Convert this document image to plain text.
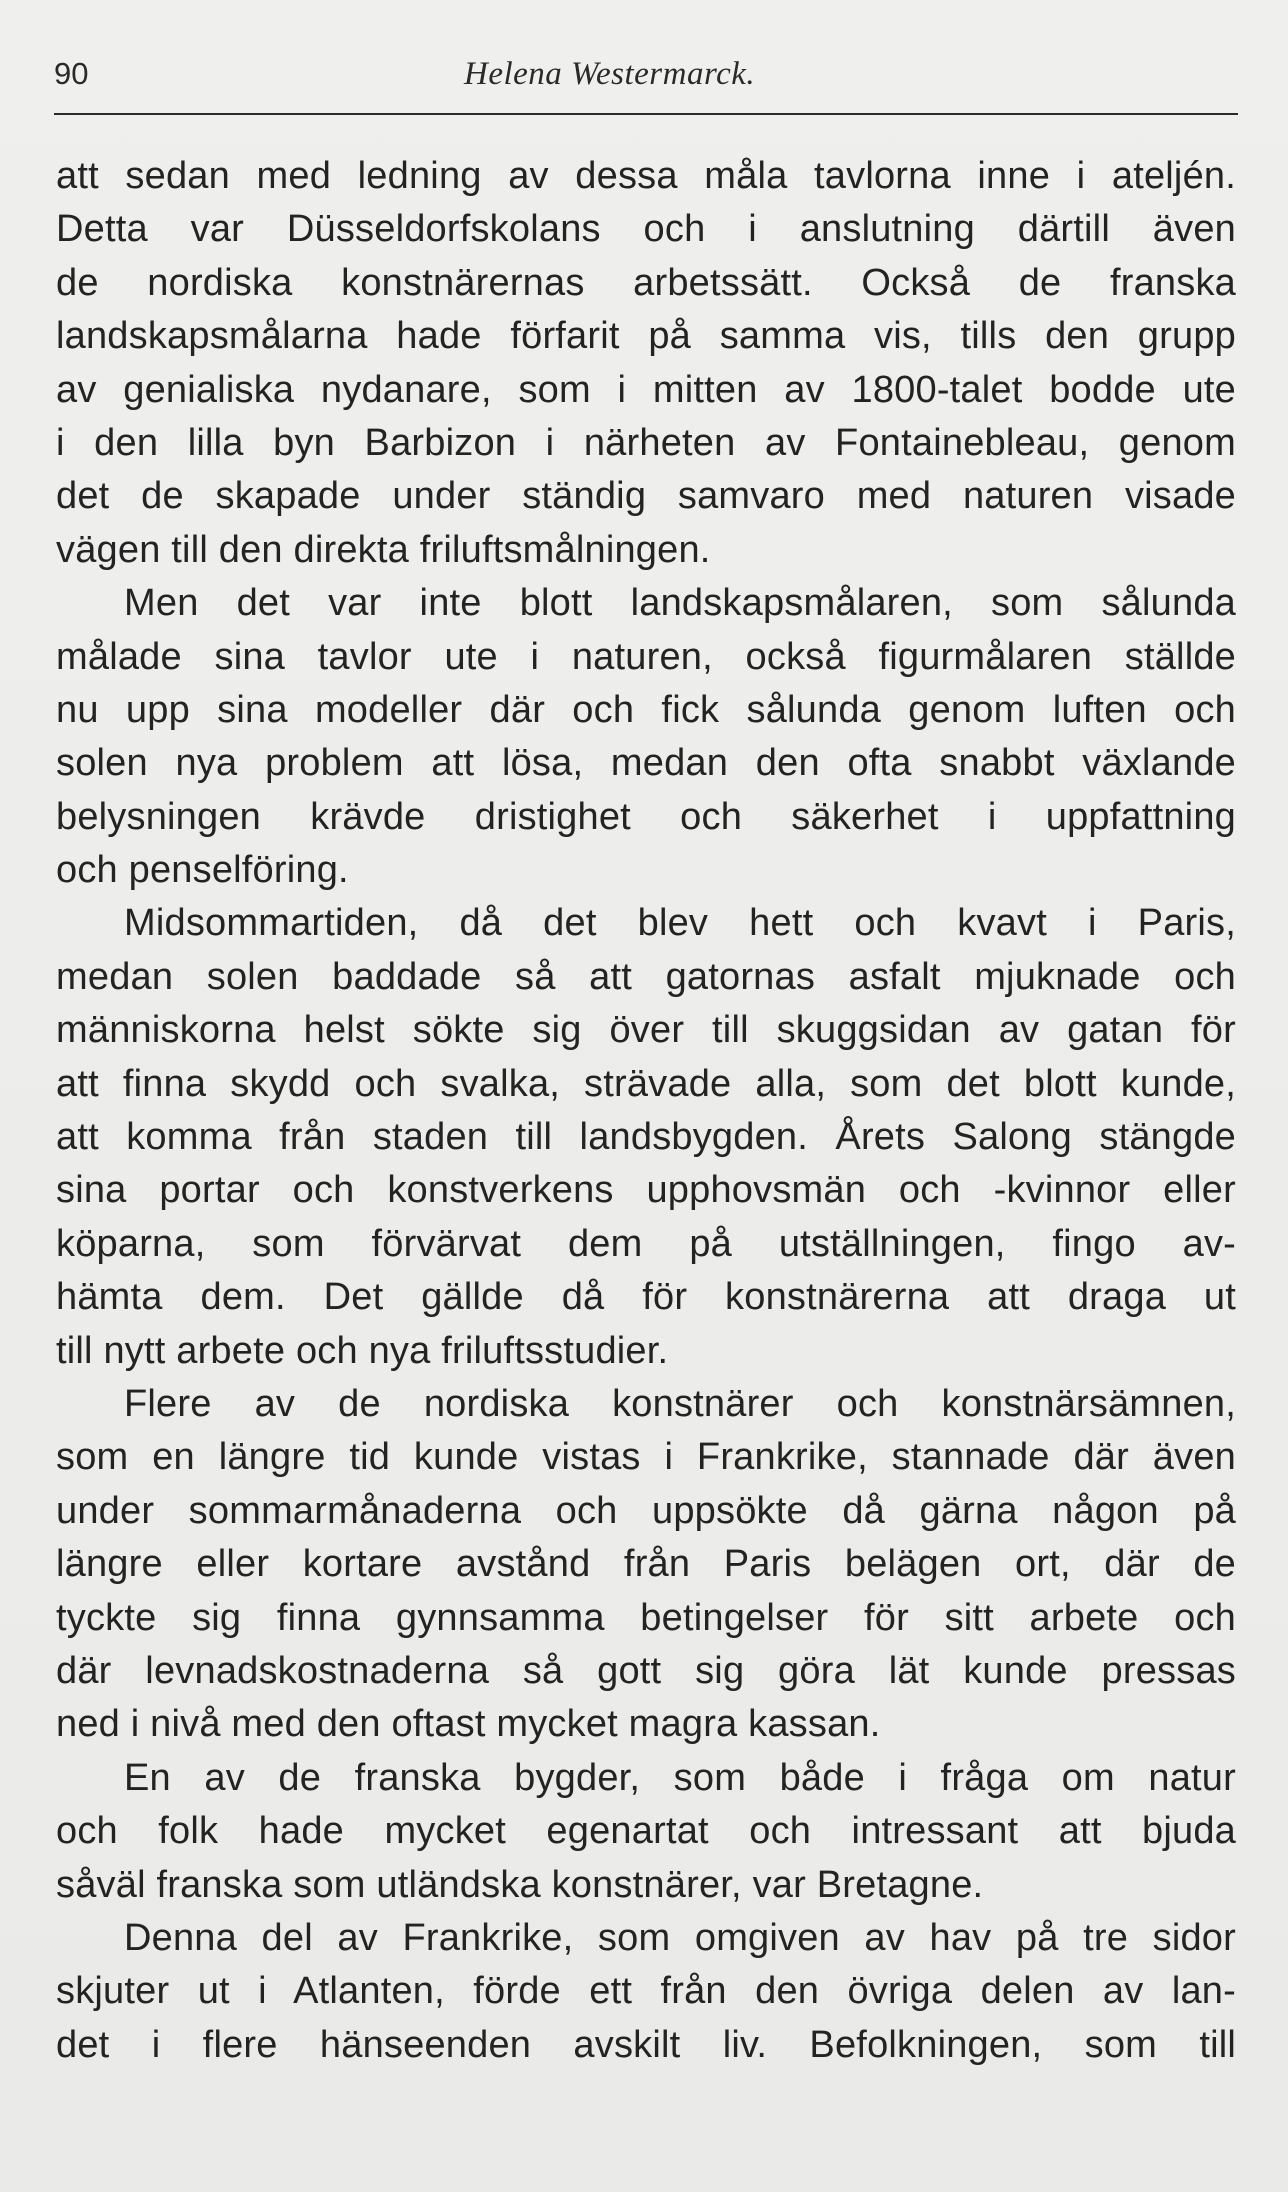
90	Helena Westermarck.
att sedan med ledning av dessa måla tavlorna inne i ateljén.
Detta var Düsseldorfskolans och i anslutning därtill även
de nordiska konstnärernas arbetssätt. Också de franska
landskapsmålarna hade förfarit på samma vis, tills den grupp
av genialiska nydanare, som i mitten av 1800-talet bodde ute
i den lilla byn Barbizon i närheten av Fontainebleau, genom
det de skapade under ständig samvaro med naturen visade
vägen till den direkta friluftsmålningen.
Men det var inte blott landskapsmålaren, som sålunda
målade sina tavlor ute i naturen, också figurmålaren ställde
nu upp sina modeller där och fick sålunda genom luften och
solen nya problem att lösa, medan den ofta snabbt växlande
belysningen krävde dristighet och säkerhet i uppfattning
och penselföring.
Midsommartiden, då det blev hett och kvavt i Paris,
medan solen baddade så att gatornas asfalt mjuknade och
människorna helst sökte sig över till skuggsidan av gatan för
att finna skydd och svalka, strävade alla, som det blott kunde,
att komma från staden till landsbygden. Årets Salong stängde
sina portar och konstverkens upphovsmän och -kvinnor eller
köparna, som förvärvat dem på utställningen, fingo av-
hämta dem. Det gällde då för konstnärerna att draga ut
till nytt arbete och nya friluftsstudier.
Flere av de nordiska konstnärer och konstnärsämnen,
som en längre tid kunde vistas i Frankrike, stannade där även
under sommarmånaderna och uppsökte då gärna någon på
längre eller kortare avstånd från Paris belägen ort, där de
tyckte sig finna gynnsamma betingelser för sitt arbete och
där levnadskostnaderna så gott sig göra lät kunde pressas
ned i nivå med den oftast mycket magra kassan.
En av de franska bygder, som både i fråga om natur
och folk hade mycket egenartat och intressant att bjuda
såväl franska som utländska konstnärer, var Bretagne.
Denna del av Frankrike, som omgiven av hav på tre sidor
skjuter ut i Atlanten, förde ett från den övriga delen av lan-
det i flere hänseenden avskilt liv. Befolkningen, som till
